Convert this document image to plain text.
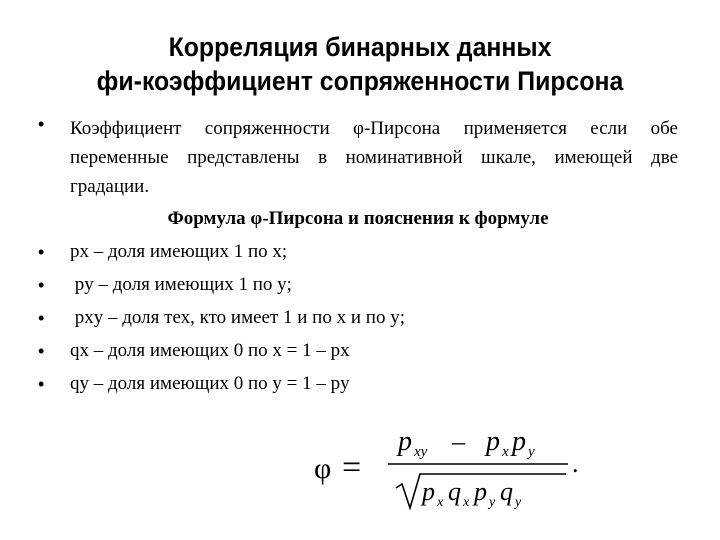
Корреляция бинарных данных
фи-коэффициент сопряженности Пирсона
• Коэффициент сопряженности φ-Пирсона применяется если обе переменные представлены в номинативной шкале, имеющей две градации.
Формула φ-Пирсона и пояснения к формуле
• px – доля имеющих 1 по x;
• py – доля имеющих 1 по y;
• pxy – доля тех, кто имеет 1 и по x и по y;
• qx – доля имеющих 0 по x = 1 – px
• qy – доля имеющих 0 по y = 1 – py
φ =
p xy – p x p y .
p x q x p y q y
